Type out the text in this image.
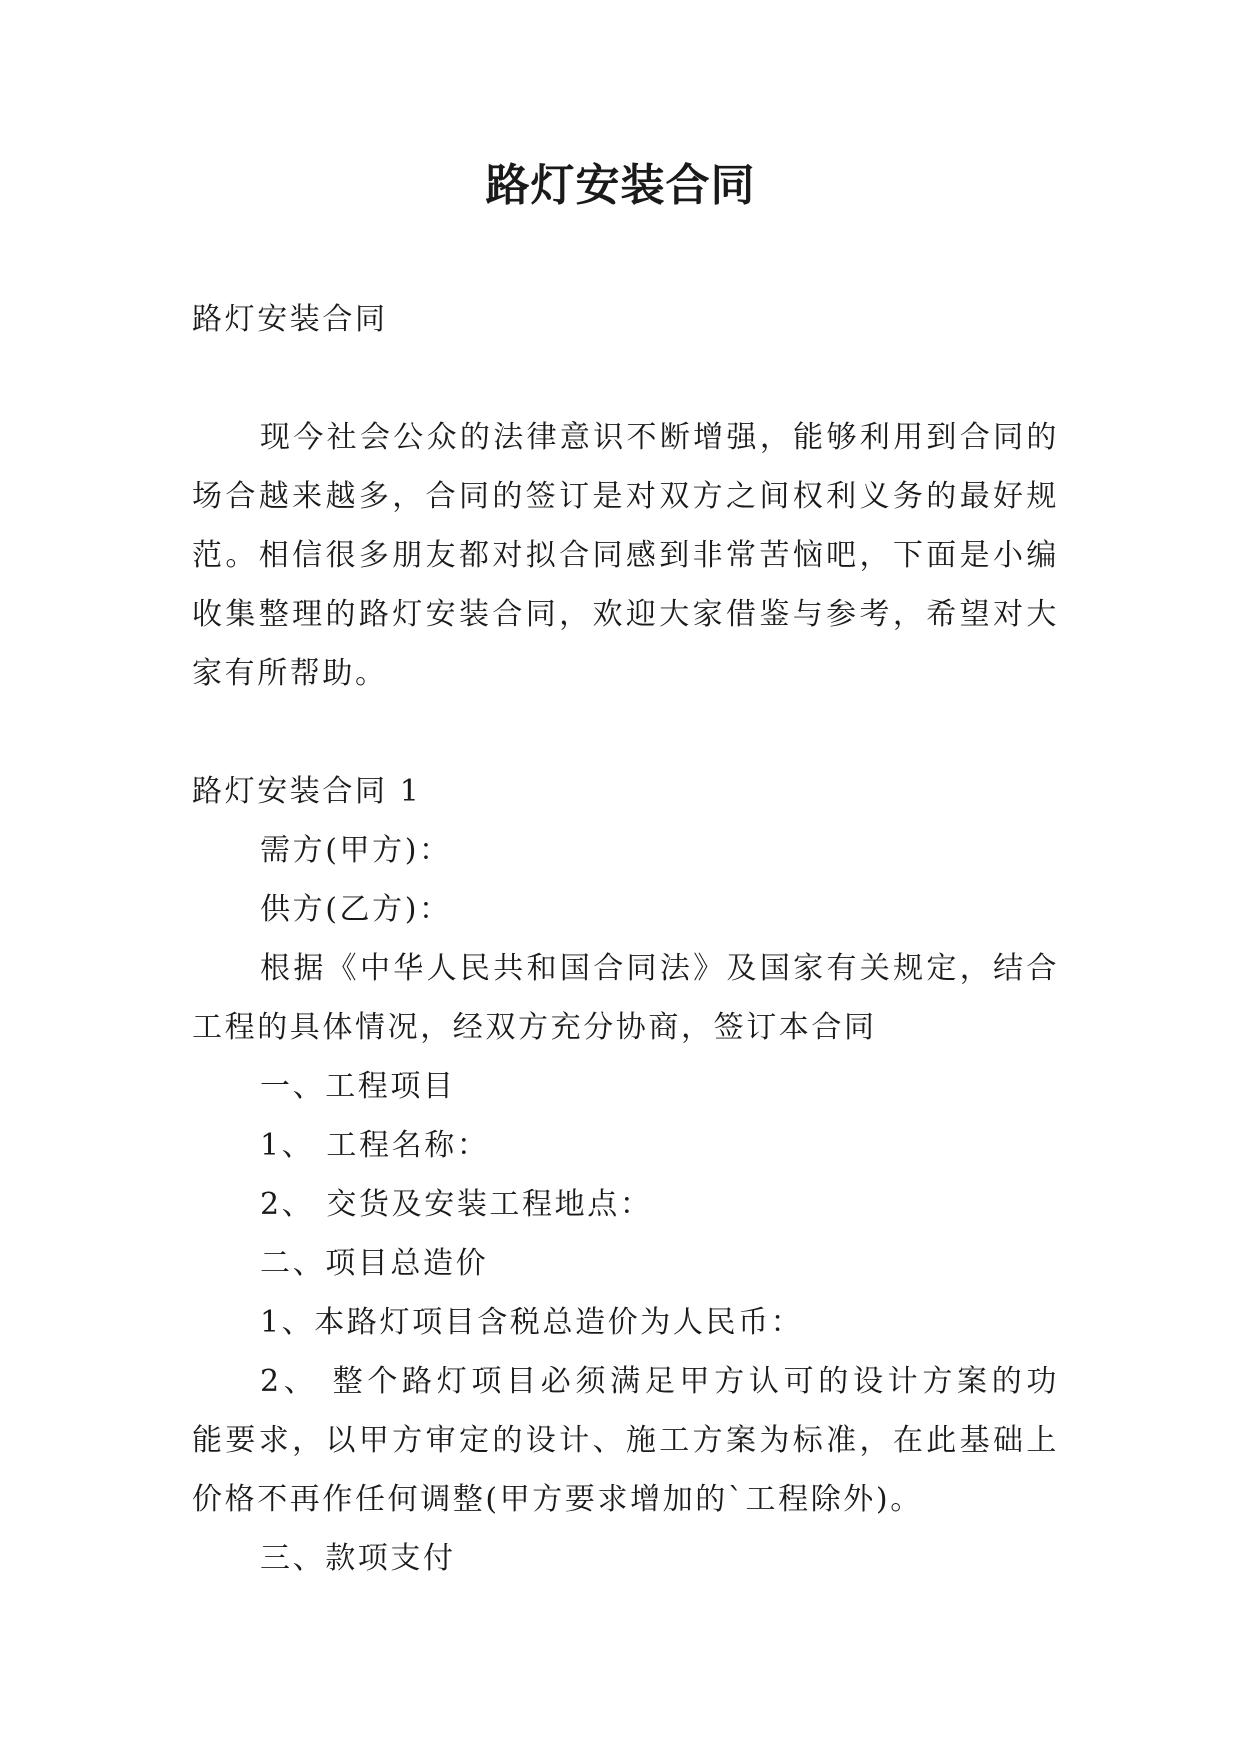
路灯安装合同
路灯安装合同
现今社会公众的法律意识不断增强，能够利用到合同的
场合越来越多，合同的签订是对双方之间权利义务的最好规
范。相信很多朋友都对拟合同感到非常苦恼吧，下面是小编
收集整理的路灯安装合同，欢迎大家借鉴与参考，希望对大
家有所帮助。
路灯安装合同 1
需方(甲方)：
供方(乙方)：
根据《中华人民共和国合同法》及国家有关规定，结合
工程的具体情况，经双方充分协商，签订本合同
一、工程项目
1、 工程名称：
2、 交货及安装工程地点：
二、项目总造价
1、本路灯项目含税总造价为人民币：
2、 整个路灯项目必须满足甲方认可的设计方案的功
能要求，以甲方审定的设计、施工方案为标准，在此基础上
价格不再作任何调整(甲方要求增加的`工程除外)。
三、款项支付
